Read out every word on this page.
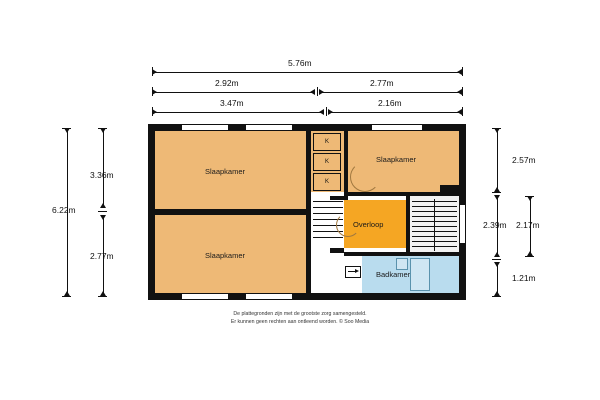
5.76m
2.92m	2.77m
3.47m	2.16m
6.22m
3.36m
2.77m
2.57m
2.39m
1.21m
2.17m
K
K
K
Slaapkamer
Slaapkamer
Slaapkamer
Overloop
Badkamer
De plattegronden zijn met de grootste zorg samengesteld.
Er kunnen geen rechten aan ontleend worden. © Soo Media
